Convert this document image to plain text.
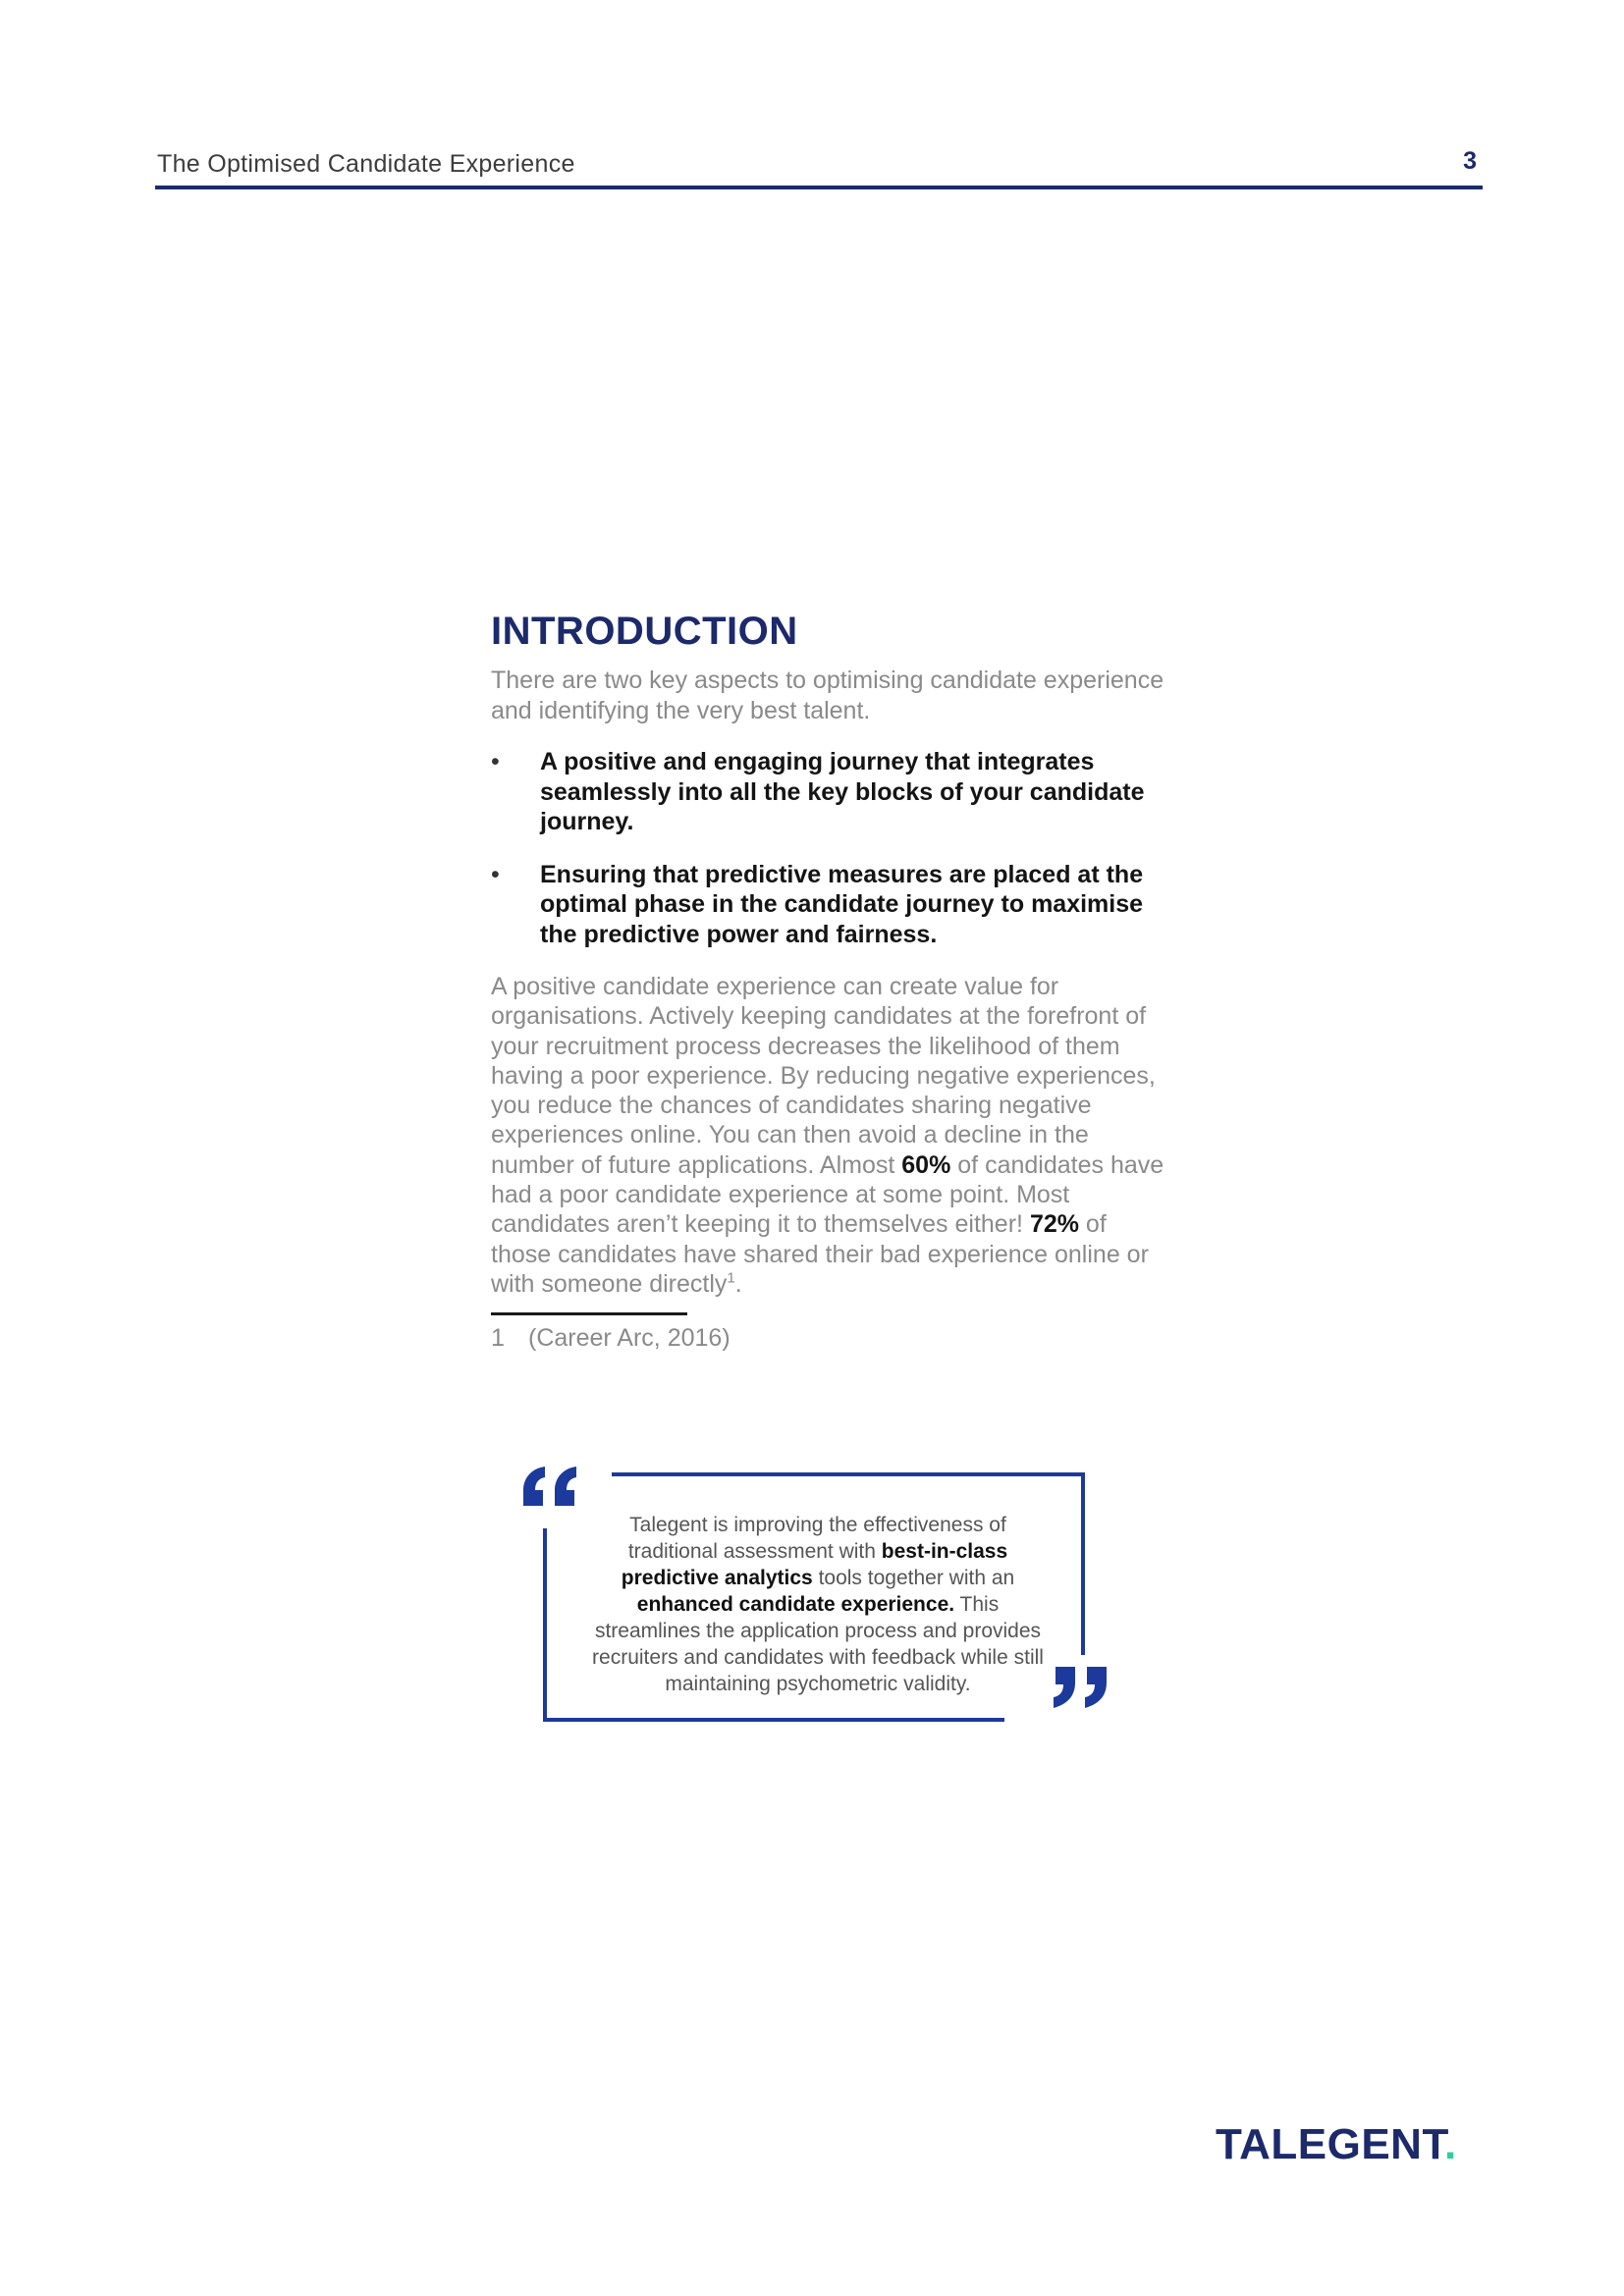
The Optimised Candidate Experience	3
INTRODUCTION

There are two key aspects to optimising candidate experience and identifying the very best talent.

• A positive and engaging journey that integrates seamlessly into all the key blocks of your candidate journey.
• Ensuring that predictive measures are placed at the optimal phase in the candidate journey to maximise the predictive power and fairness.

A positive candidate experience can create value for organisations. Actively keeping candidates at the forefront of your recruitment process decreases the likelihood of them having a poor experience. By reducing negative experiences, you reduce the chances of candidates sharing negative experiences online. You can then avoid a decline in the number of future applications. Almost 60% of candidates have had a poor candidate experience at some point. Most candidates aren’t keeping it to themselves either! 72% of those candidates have shared their bad experience online or with someone directly$^1$.

1 (Career Arc, 2016)
Talegent is improving the effectiveness of traditional assessment with best-in-class predictive analytics tools together with an enhanced candidate experience. This streamlines the application process and provides recruiters and candidates with feedback while still maintaining psychometric validity.
TALEGENT.
